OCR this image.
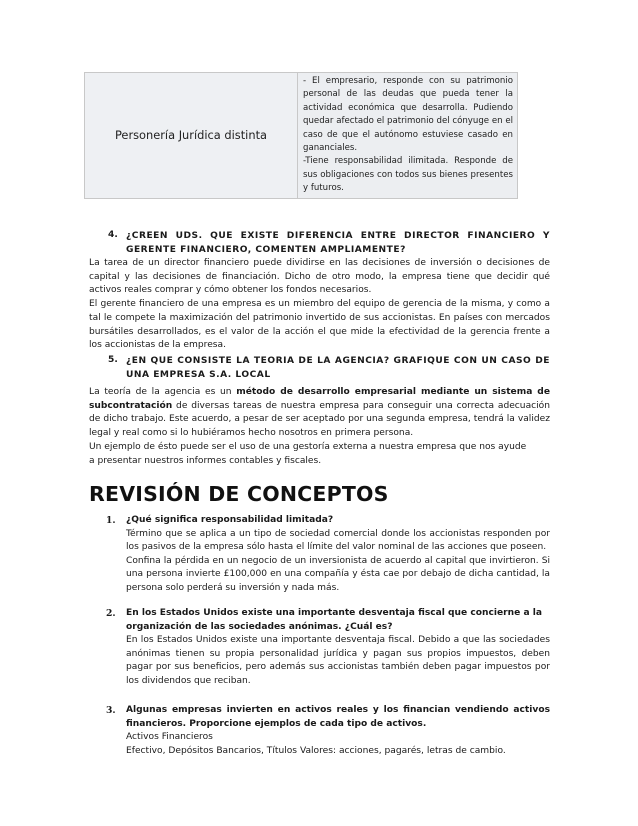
Personería Jurídica distinta	

- El empresario, responde con su patrimonio personal de las deudas que pueda tener la actividad económica que desarrolla. Pudiendo quedar afectado el patrimonio del cónyuge en el caso de que el autónomo estuviese casado en gananciales.

-Tiene responsabilidad ilimitada. Responde de sus obligaciones con todos sus bienes presentes y futuros.

4. ¿CREEN UDS. QUE EXISTE DIFERENCIA ENTRE DIRECTOR FINANCIERO Y
GERENTE FINANCIERO, COMENTEN AMPLIAMENTE?

La tarea de un director financiero puede dividirse en las decisiones de inversión o decisiones de capital y las decisiones de financiación. Dicho de otro modo, la empresa tiene que decidir qué activos reales comprar y cómo obtener los fondos necesarios.

El gerente financiero de una empresa es un miembro del equipo de gerencia de la misma, y como a tal le compete la maximización del patrimonio invertido de sus accionistas. En países con mercados bursátiles desarrollados, es el valor de la acción el que mide la efectividad de la gerencia frente a los accionistas de la empresa.

5. ¿EN QUE CONSISTE LA TEORIA DE LA AGENCIA? GRAFIQUE CON UN CASO DE
UNA EMPRESA S.A. LOCAL

La teoría de la agencia es un método de desarrollo empresarial mediante un sistema de subcontratación de diversas tareas de nuestra empresa para conseguir una correcta adecuación de dicho trabajo. Este acuerdo, a pesar de ser aceptado por una segunda empresa, tendrá la validez legal y real como si lo hubiéramos hecho nosotros en primera persona.

Un ejemplo de ésto puede ser el uso de una gestoría externa a nuestra empresa que nos ayude

a presentar nuestros informes contables y fiscales.

REVISIÓN DE CONCEPTOS
1. ¿Qué significa responsabilidad limitada?

Término que se aplica a un tipo de sociedad comercial donde los accionistas responden por los pasivos de la empresa sólo hasta el límite del valor nominal de las acciones que poseen.

Confina la pérdida en un negocio de un inversionista de acuerdo al capital que invirtieron. Si una persona invierte £100,000 en una compañía y ésta cae por debajo de dicha cantidad, la persona solo perderá su inversión y nada más.

2. En los Estados Unidos existe una importante desventaja fiscal que concierne a la organización de las sociedades anónimas. ¿Cuál es?

En los Estados Unidos existe una importante desventaja fiscal. Debido a que las sociedades anónimas tienen su propia personalidad jurídica y pagan sus propios impuestos, deben pagar por sus beneficios, pero además sus accionistas también deben pagar impuestos por los dividendos que reciban.

3. Algunas empresas invierten en activos reales y los financian vendiendo activos financieros. Proporcione ejemplos de cada tipo de activos.

Activos Financieros

Efectivo, Depósitos Bancarios, Títulos Valores: acciones, pagarés, letras de cambio.
